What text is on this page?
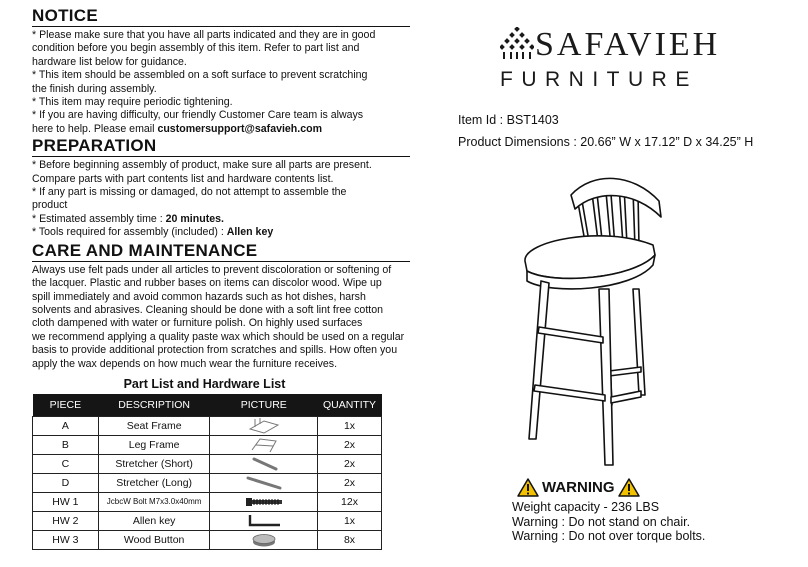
NOTICE

* Please make sure that you have all parts indicated and they are in good

condition before you begin assembly of this item. Refer to part list and

hardware list below for guidance.

* This item should be assembled on a soft surface to prevent scratching

the finish during assembly.

* This item may require periodic tightening.

* If you are having difficulty, our friendly Customer Care team is always

here to help. Please email customersupport@safavieh.com

PREPARATION

* Before beginning assembly of product, make sure all parts are present.

Compare parts with part contents list and hardware contents list.

* If any part is missing or damaged, do not attempt to assemble the

product

* Estimated assembly time : 20 minutes.

* Tools required for assembly (included) : Allen key

CARE AND MAINTENANCE

Always use felt pads under all articles to prevent discoloration or softening of

the lacquer. Plastic and rubber bases on items can discolor wood. Wipe up

spill immediately and avoid common hazards such as hot dishes, harsh

solvents and abrasives. Cleaning should be done with a soft lint free cotton

cloth dampened with water or furniture polish. On highly used surfaces

we recommend applying a quality paste wax which should be used on a regular

basis to provide additional protection from scratches and spills. How often you

apply the wax depends on how much wear the furniture receives.

Part List and Hardware List
PIECE	DESCRIPTION	PICTURE	QUANTITY
A	Seat Frame		1x
B	Leg Frame		2x
C	Stretcher (Short)		2x
D	Stretcher (Long)		2x
HW 1	JcbcW Bolt M7x3.0x40mm		12x
HW 2	Allen key		1x
HW 3	Wood Button		8x
SAFAVIEH
FURNITURE
Item Id : BST1403
Product Dimensions : 20.66” W x 17.12” D x 34.25” H
WARNING
Weight capacity - 236 LBS
Warning : Do not stand on chair.
Warning : Do not over torque bolts.
